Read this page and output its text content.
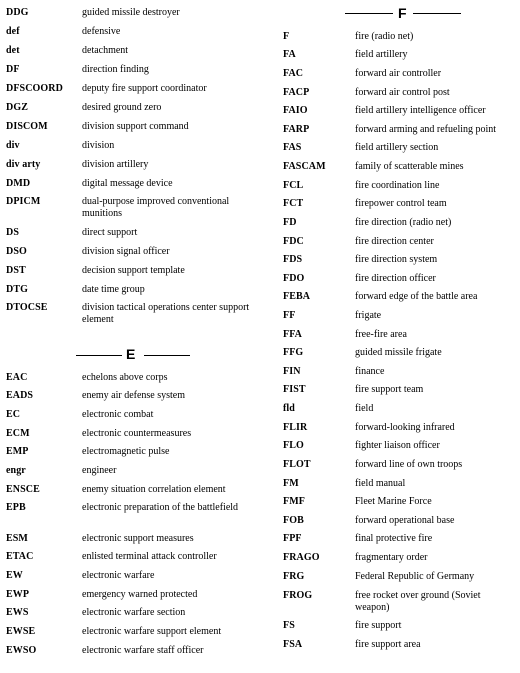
DDG	guided missile destroyer
def	defensive
det	detachment
DF	direction finding
DFSCOORD deputy fire support coordinator
DGZ	desired ground zero
DISCOM	division support command
div	division
div arty	division artillery
DMD	digital message device
DPICM	dual-purpose improved conventional munitions
DS	direct support
DSO	division signal officer
DST	decision support template
DTG	date time group
DTOCSE	division tactical operations center support element
E
EAC	echelons above corps
EADS	enemy air defense system
EC	electronic combat
ECM	electronic countermeasures
EMP	electromagnetic pulse
engr	engineer
ENSCE	enemy situation correlation element
EPB	electronic preparation of the battlefield
ESM	electronic support measures
ETAC	enlisted terminal attack controller
EW	electronic warfare
EWP	emergency warned protected
EWS	electronic warfare section
EWSE	electronic warfare support element
EWSO	electronic warfare staff officer
F
F	fire (radio net)
FA	field artillery
FAC	forward air controller
FACP	forward air control post
FAIO	field artillery intelligence officer
FARP	forward arming and refueling point
FAS	field artillery section
FASCAM	family of scatterable mines
FCL	fire coordination line
FCT	firepower control team
FD	fire direction (radio net)
FDC	fire direction center
FDS	fire direction system
FDO	fire direction officer
FEBA	forward edge of the battle area
FF	frigate
FFA	free-fire area
FFG	guided missile frigate
FIN	finance
FIST	fire support team
fld	field
FLIR	forward-looking infrared
FLO	fighter liaison officer
FLOT	forward line of own troops
FM	field manual
FMF	Fleet Marine Force
FOB	forward operational base
FPF	final protective fire
FRAGO	fragmentary order
FRG	Federal Republic of Germany
FROG	free rocket over ground (Soviet weapon)
FS	fire support
FSA	fire support area
